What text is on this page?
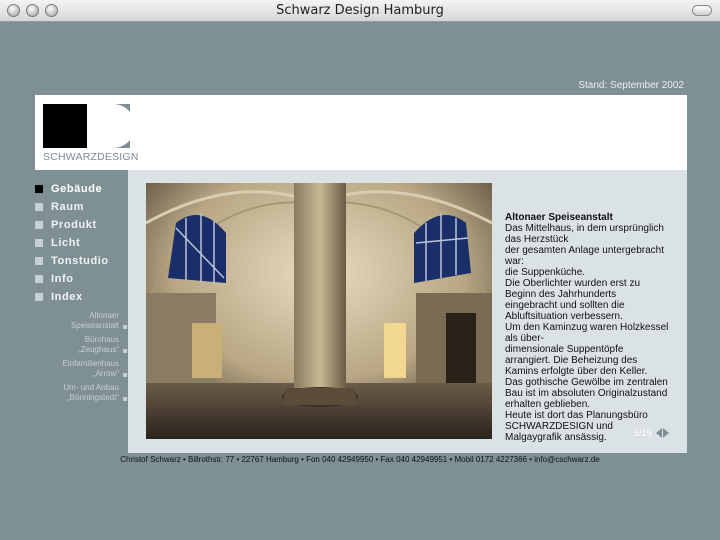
Schwarz Design Hamburg
Stand: September 2002
SCHWARZDESIGN
Gebäude
Raum
Produkt
Licht
Tonstudio
Info
Index
Altonaer
Speiseanstalt
Bürohaus
„Zeughaus“
Einfamilienhaus
„Arrow“
Um- und Anbau
„Bönningstedt“
Altonaer Speiseanstalt
Das Mittelhaus, in dem ursprünglich
das Herzstück
der gesamten Anlage untergebracht
war:
die Suppenküche.
Die Oberlichter wurden erst zu
Beginn des Jahrhunderts
eingebracht und sollten die
Abluftsituation verbessern.
Um den Kaminzug waren Holzkessel
als über-
dimensionale Suppentöpfe
arrangiert. Die Beheizung des
Kamins erfolgte über den Keller.
Das gothische Gewölbe im zentralen
Bau ist im absoluten Originalzustand
erhalten geblieben.
Heute ist dort das Planungsbüro
SCHWARZDESIGN und
Malgaygrafik ansässig.	5/19
Christof Schwarz • Billrothstr. 77 • 22767 Hamburg • Fon 040 42949950 • Fax 040 42949951 • Mobil 0172 4227366 • info@cschwarz.de
